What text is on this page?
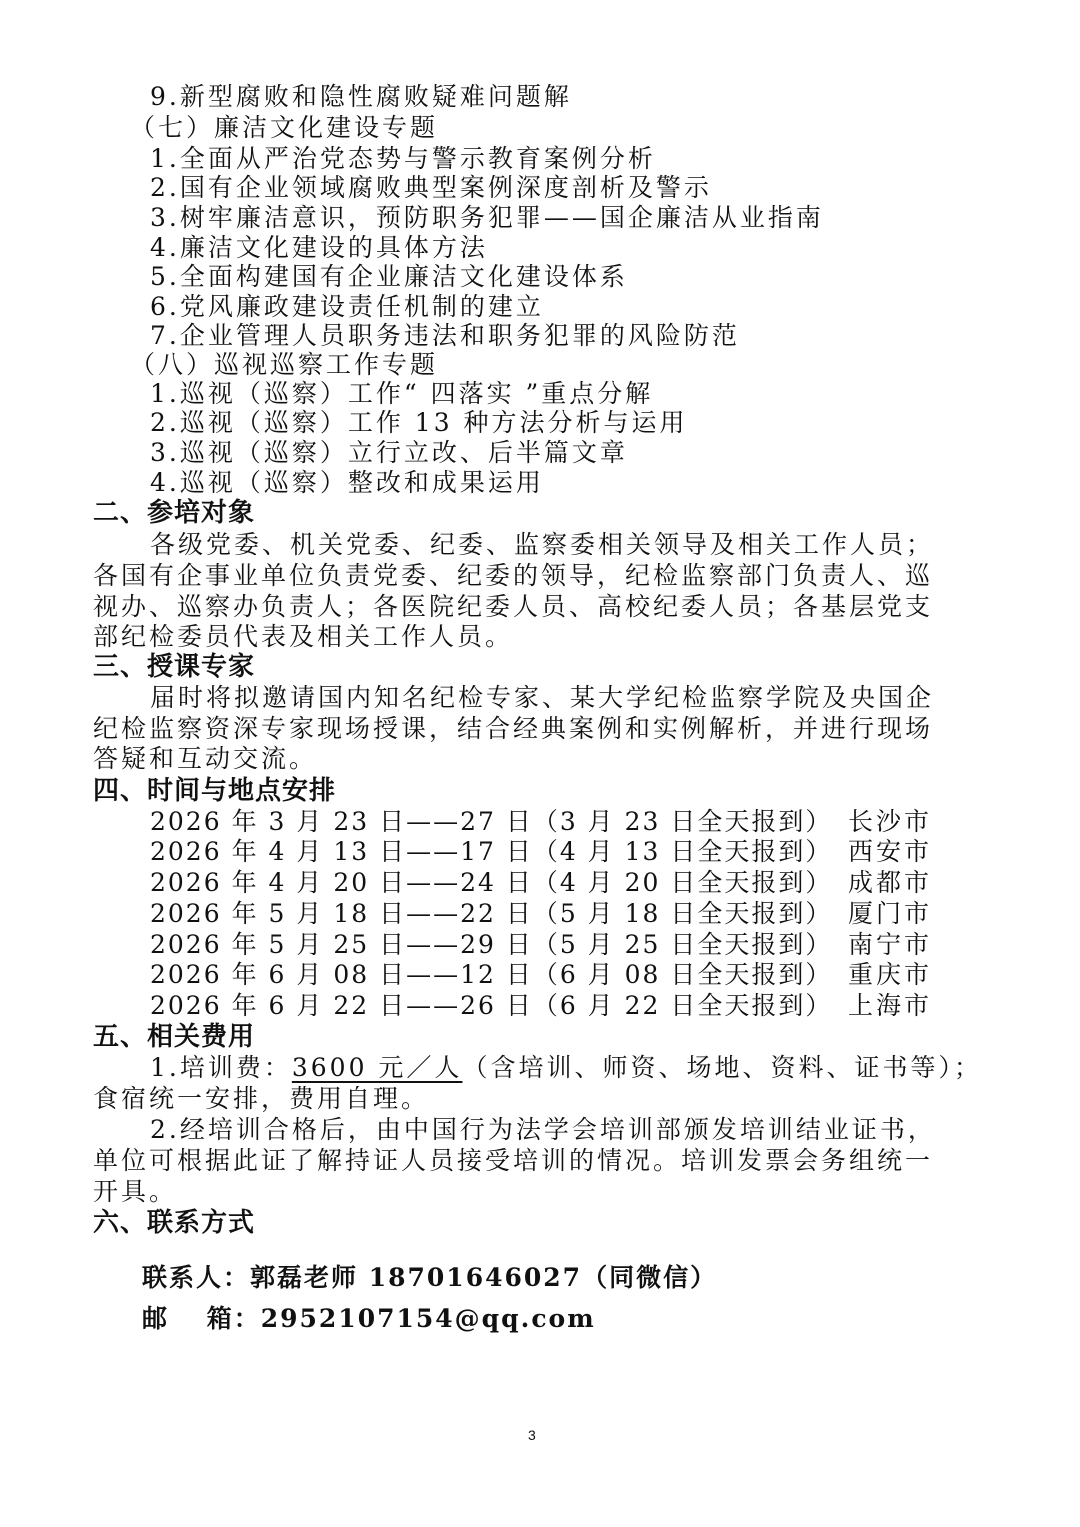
9.新型腐败和隐性腐败疑难问题解
（七）廉洁文化建设专题
1.全面从严治党态势与警示教育案例分析
2.国有企业领域腐败典型案例深度剖析及警示
3.树牢廉洁意识，预防职务犯罪——国企廉洁从业指南
4.廉洁文化建设的具体方法
5.全面构建国有企业廉洁文化建设体系
6.党风廉政建设责任机制的建立
7.企业管理人员职务违法和职务犯罪的风险防范
（八）巡视巡察工作专题
1.巡视（巡察）工作“ 四落实 ”重点分解
2.巡视（巡察）工作 13 种方法分析与运用
3.巡视（巡察）立行立改、后半篇文章
4.巡视（巡察）整改和成果运用
二、参培对象
各级党委、机关党委、纪委、监察委相关领导及相关工作人员；
各国有企事业单位负责党委、纪委的领导，纪检监察部门负责人、巡
视办、巡察办负责人；各医院纪委人员、高校纪委人员；各基层党支
部纪检委员代表及相关工作人员。
三、授课专家
届时将拟邀请国内知名纪检专家、某大学纪检监察学院及央国企
纪检监察资深专家现场授课，结合经典案例和实例解析，并进行现场
答疑和互动交流。
四、时间与地点安排
2026 年 3 月 23 日——27 日（3 月 23 日全天报到） 长沙市
2026 年 4 月 13 日——17 日（4 月 13 日全天报到） 西安市
2026 年 4 月 20 日——24 日（4 月 20 日全天报到） 成都市
2026 年 5 月 18 日——22 日（5 月 18 日全天报到） 厦门市
2026 年 5 月 25 日——29 日（5 月 25 日全天报到） 南宁市
2026 年 6 月 08 日——12 日（6 月 08 日全天报到） 重庆市
2026 年 6 月 22 日——26 日（6 月 22 日全天报到） 上海市
五、相关费用
1.培训费：3600 元／人（含培训、师资、场地、资料、证书等）；
食宿统一安排，费用自理。
2.经培训合格后，由中国行为法学会培训部颁发培训结业证书，
单位可根据此证了解持证人员接受培训的情况。培训发票会务组统一
开具。
六、联系方式
联系人：郭磊老师 18701646027（同微信）
邮　 箱：2952107154@qq.com
3
